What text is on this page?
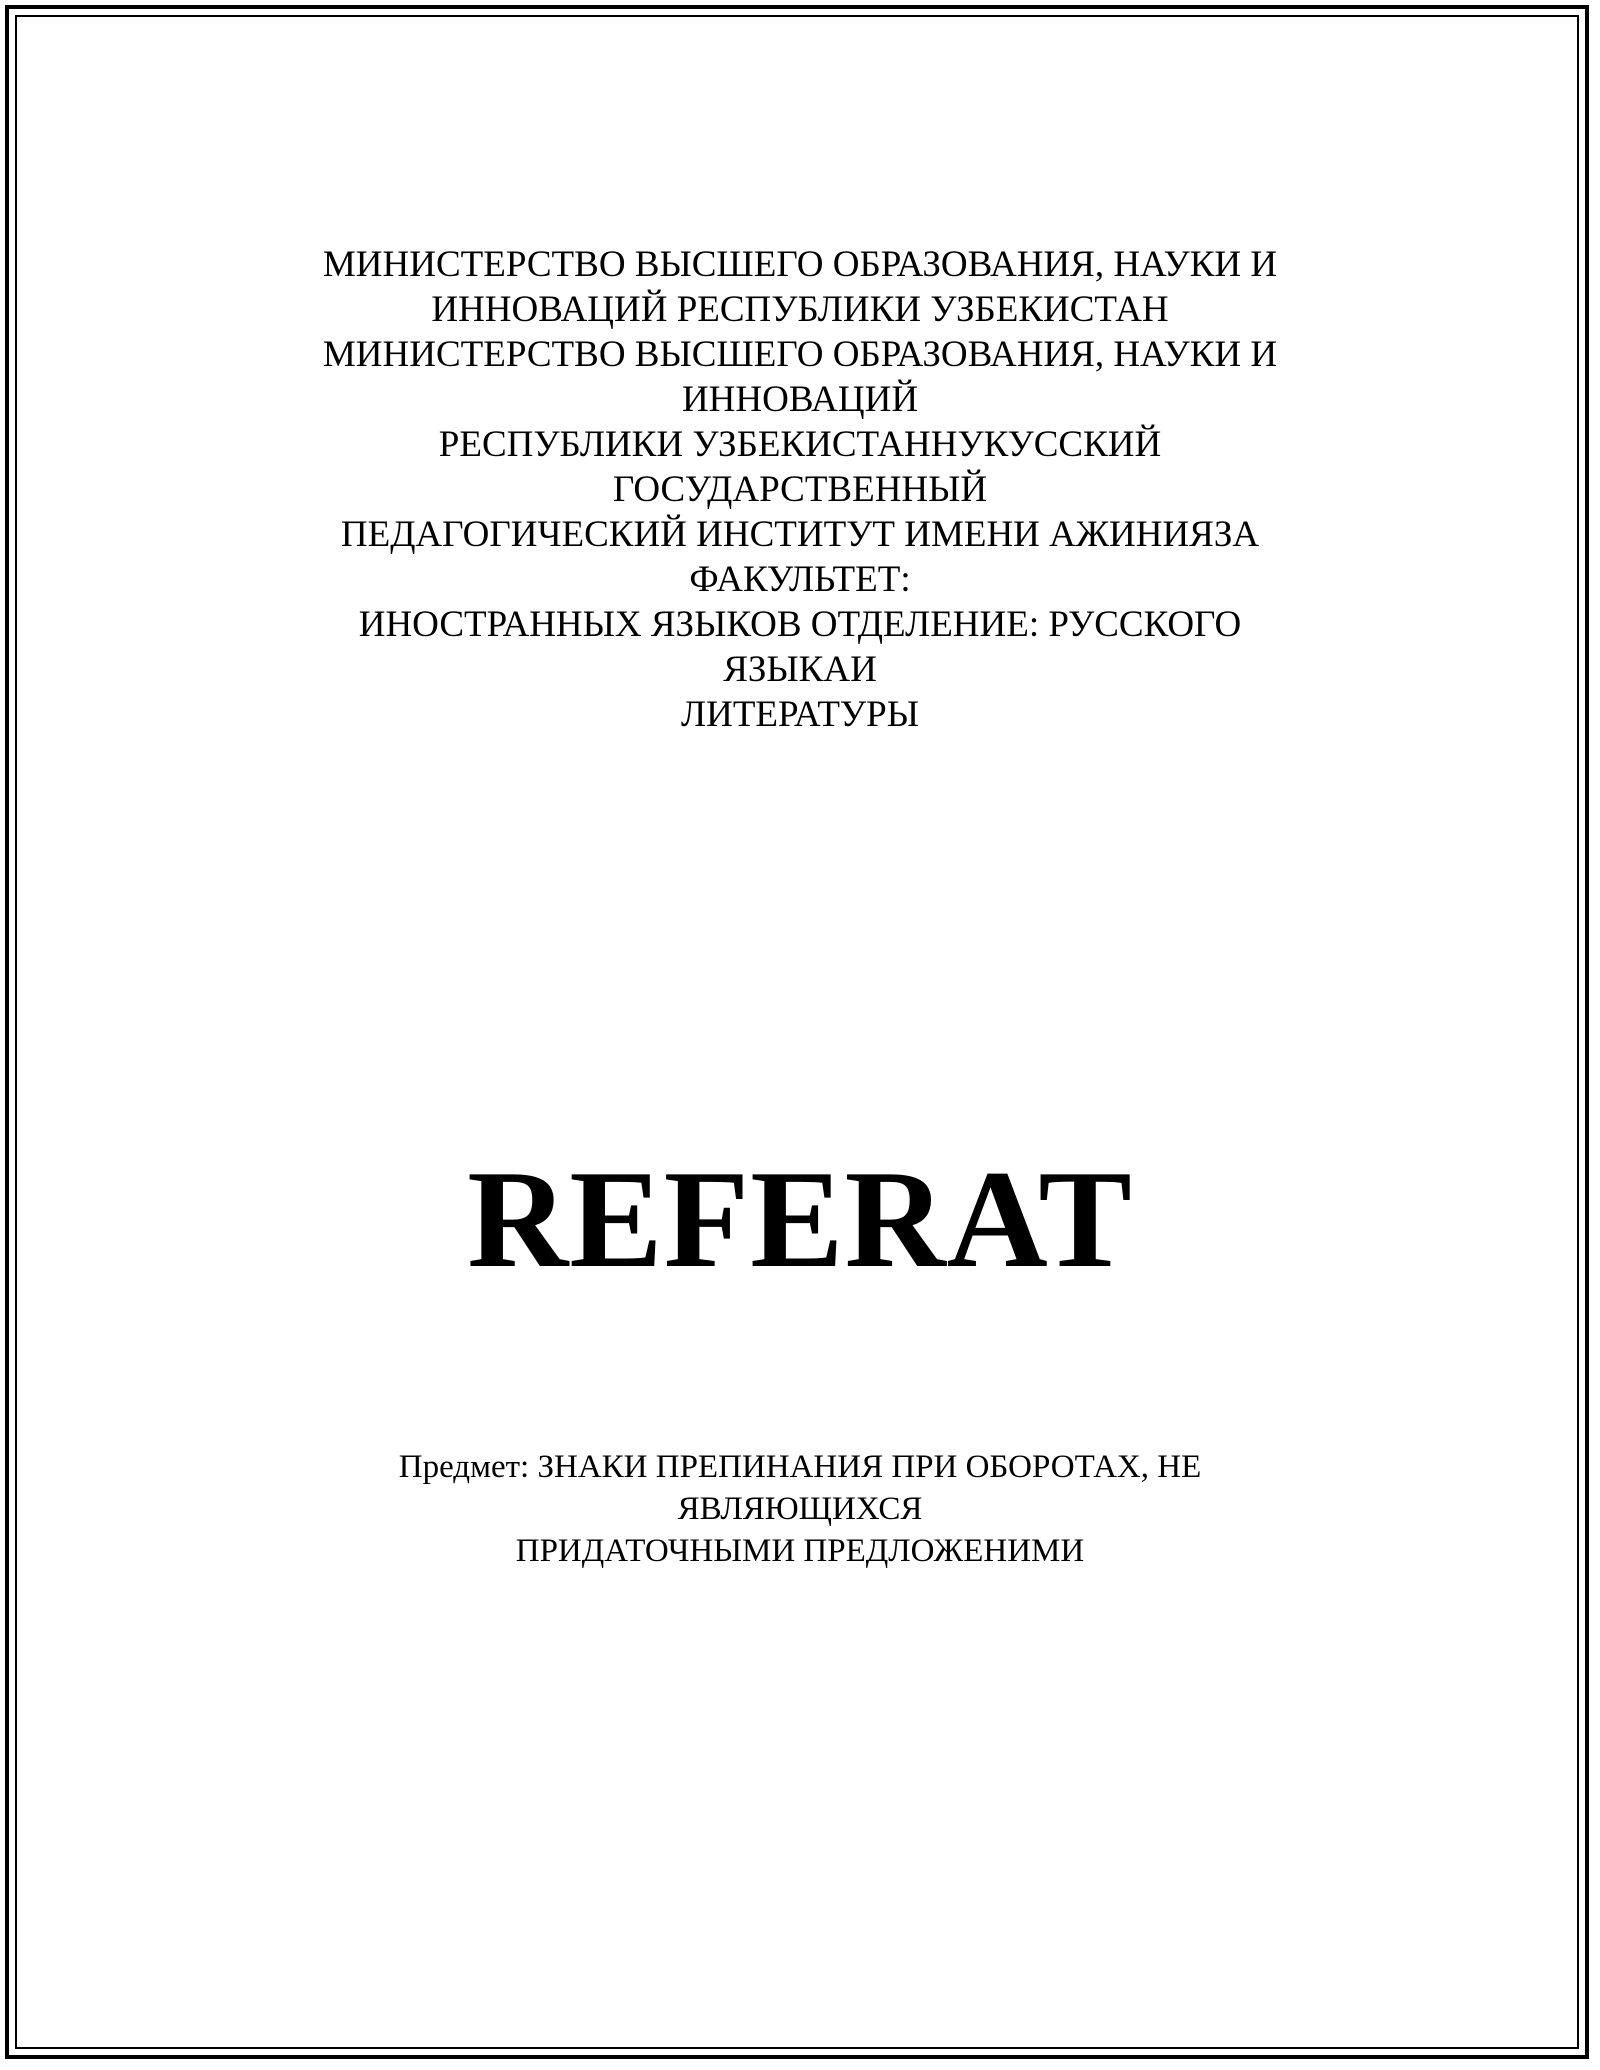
МИНИСТЕРСТВО ВЫСШЕГО ОБРАЗОВАНИЯ, НАУКИ И
ИННОВАЦИЙ РЕСПУБЛИКИ УЗБЕКИСТАН
МИНИСТЕРСТВО ВЫСШЕГО ОБРАЗОВАНИЯ, НАУКИ И
ИННОВАЦИЙ
РЕСПУБЛИКИ УЗБЕКИСТАННУКУССКИЙ
ГОСУДАРСТВЕННЫЙ
ПЕДАГОГИЧЕСКИЙ ИНСТИТУТ ИМЕНИ АЖИНИЯЗА
ФАКУЛЬТЕТ:
ИНОСТРАННЫХ ЯЗЫКОВ ОТДЕЛЕНИЕ: РУССКОГО
ЯЗЫКАИ
ЛИТЕРАТУРЫ
REFERAT
Предмет: ЗНАКИ ПРЕПИНАНИЯ ПРИ ОБОРОТАХ, НЕ
ЯВЛЯЮЩИХСЯ
ПРИДАТОЧНЫМИ ПРЕДЛОЖЕНИМИ
